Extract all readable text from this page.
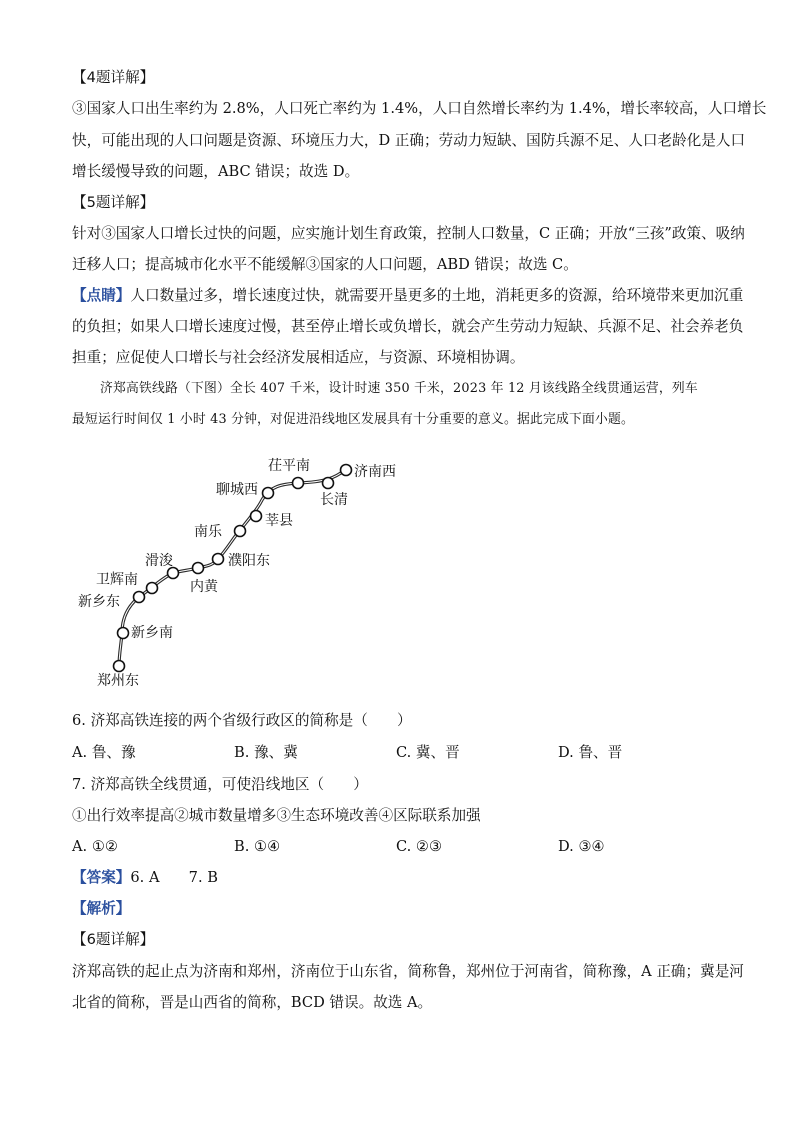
【4题详解】
③国家人口出生率约为 2.8%，人口死亡率约为 1.4%，人口自然增长率约为 1.4%，增长率较高，人口增长
快，可能出现的人口问题是资源、环境压力大，D 正确；劳动力短缺、国防兵源不足、人口老龄化是人口
增长缓慢导致的问题，ABC 错误；故选 D。
【5题详解】
针对③国家人口增长过快的问题，应实施计划生育政策，控制人口数量，C 正确；开放“三孩”政策、吸纳
迁移人口；提高城市化水平不能缓解③国家的人口问题，ABD 错误；故选 C。
【点睛】人口数量过多，增长速度过快，就需要开垦更多的土地，消耗更多的资源，给环境带来更加沉重
的负担；如果人口增长速度过慢，甚至停止增长或负增长，就会产生劳动力短缺、兵源不足、社会养老负
担重；应促使人口增长与社会经济发展相适应，与资源、环境相协调。
济郑高铁线路（下图）全长 407 千米，设计时速 350 千米，2023 年 12 月该线路全线贯通运营，列车
最短运行时间仅 1 小时 43 分钟，对促进沿线地区发展具有十分重要的意义。据此完成下面小题。
济南西
长清
茌平南
聊城西
莘县
南乐
濮阳东
内黄
滑浚
卫辉南
新乡东
新乡南
郑州东
6. 济郑高铁连接的两个省级行政区的简称是（　　）
A. 鲁、豫	B. 豫、冀	C. 冀、晋	D. 鲁、晋
7. 济郑高铁全线贯通，可使沿线地区（　　）
①出行效率提高②城市数量增多③生态环境改善④区际联系加强
A. ①②	B. ①④	C. ②③	D. ③④
【答案】6. A　　7. B
【解析】
【6题详解】
济郑高铁的起止点为济南和郑州，济南位于山东省，简称鲁，郑州位于河南省，简称豫，A 正确；冀是河
北省的简称，晋是山西省的简称，BCD 错误。故选 A。
